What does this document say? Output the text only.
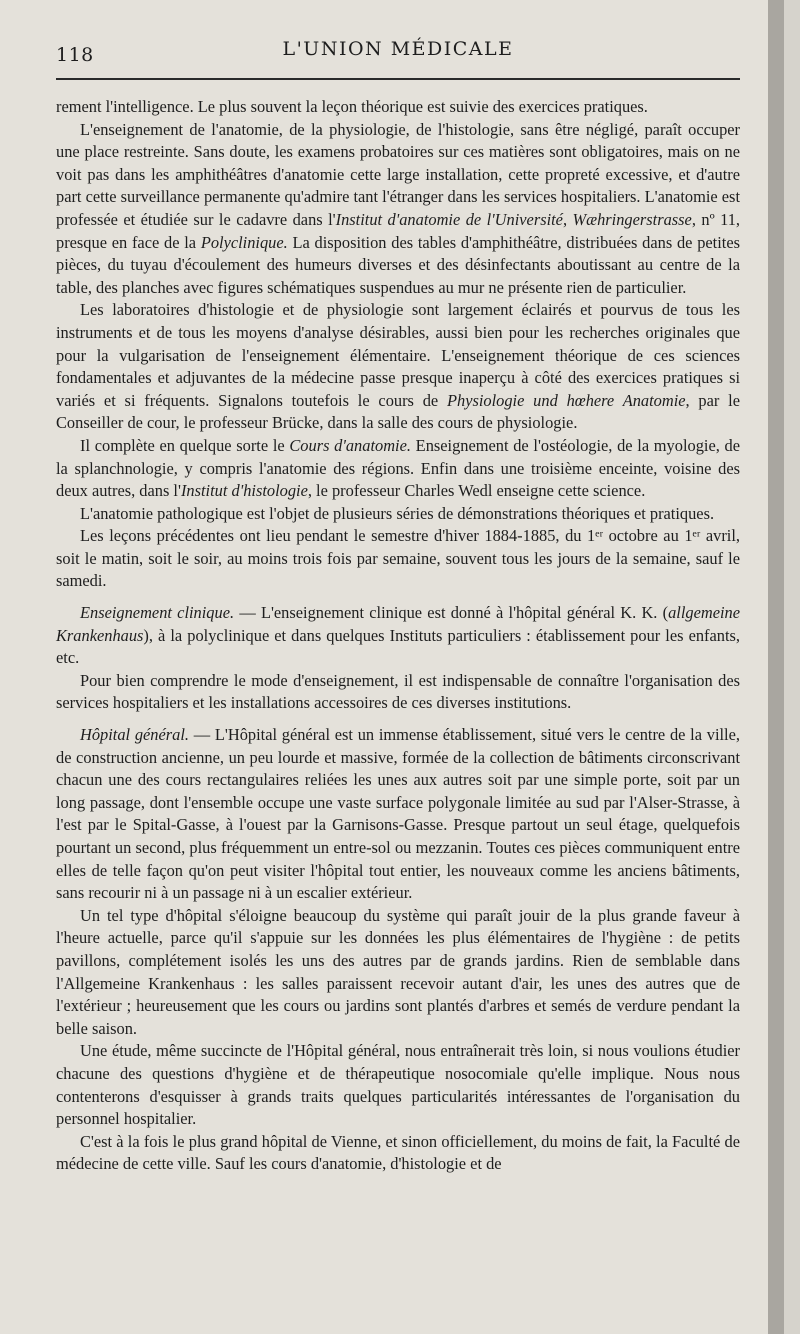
118	L'UNION MÉDICALE

rement l'intelligence. Le plus souvent la leçon théorique est suivie des exercices pratiques.

L'enseignement de l'anatomie, de la physiologie, de l'histologie, sans être négligé, paraît occuper une place restreinte. Sans doute, les examens probatoires sur ces matières sont obligatoires, mais on ne voit pas dans les amphithéâtres d'anatomie cette large installation, cette propreté excessive, et d'autre part cette surveillance permanente qu'admire tant l'étranger dans les services hospitaliers. L'anatomie est professée et étudiée sur le cadavre dans l'Institut d'anatomie de l'Université, Wæhringerstrasse, nº 11, presque en face de la Polyclinique. La disposition des tables d'amphithéâtre, distribuées dans de petites pièces, du tuyau d'écoulement des humeurs diverses et des désinfectants aboutissant au centre de la table, des planches avec figures schématiques suspendues au mur ne présente rien de particulier.

Les laboratoires d'histologie et de physiologie sont largement éclairés et pourvus de tous les instruments et de tous les moyens d'analyse désirables, aussi bien pour les recherches originales que pour la vulgarisation de l'enseignement élémentaire. L'enseignement théorique de ces sciences fondamentales et adjuvantes de la médecine passe presque inaperçu à côté des exercices pratiques si variés et si fréquents. Signalons toutefois le cours de Physiologie und hœhere Anatomie, par le Conseiller de cour, le professeur Brücke, dans la salle des cours de physiologie.

Il complète en quelque sorte le Cours d'anatomie. Enseignement de l'ostéologie, de la myologie, de la splanchnologie, y compris l'anatomie des régions. Enfin dans une troisième enceinte, voisine des deux autres, dans l'Institut d'histologie, le professeur Charles Wedl enseigne cette science.

L'anatomie pathologique est l'objet de plusieurs séries de démonstrations théoriques et pratiques.

Les leçons précédentes ont lieu pendant le semestre d'hiver 1884-1885, du 1ᵉʳ octobre au 1ᵉʳ avril, soit le matin, soit le soir, au moins trois fois par semaine, souvent tous les jours de la semaine, sauf le samedi.

Enseignement clinique. — L'enseignement clinique est donné à l'hôpital général K. K. (allgemeine Krankenhaus), à la polyclinique et dans quelques Instituts particuliers : établissement pour les enfants, etc.

Pour bien comprendre le mode d'enseignement, il est indispensable de connaître l'organisation des services hospitaliers et les installations accessoires de ces diverses institutions.

Hôpital général. — L'Hôpital général est un immense établissement, situé vers le centre de la ville, de construction ancienne, un peu lourde et massive, formée de la collection de bâtiments circonscrivant chacun une des cours rectangulaires reliées les unes aux autres soit par une simple porte, soit par un long passage, dont l'ensemble occupe une vaste surface polygonale limitée au sud par l'Alser-Strasse, à l'est par le Spital-Gasse, à l'ouest par la Garnisons-Gasse. Presque partout un seul étage, quelquefois pourtant un second, plus fréquemment un entre-sol ou mezzanin. Toutes ces pièces communiquent entre elles de telle façon qu'on peut visiter l'hôpital tout entier, les nouveaux comme les anciens bâtiments, sans recourir ni à un passage ni à un escalier extérieur.

Un tel type d'hôpital s'éloigne beaucoup du système qui paraît jouir de la plus grande faveur à l'heure actuelle, parce qu'il s'appuie sur les données les plus élémentaires de l'hygiène : de petits pavillons, complétement isolés les uns des autres par de grands jardins. Rien de semblable dans l'Allgemeine Krankenhaus : les salles paraissent recevoir autant d'air, les unes des autres que de l'extérieur ; heureusement que les cours ou jardins sont plantés d'arbres et semés de verdure pendant la belle saison.

Une étude, même succincte de l'Hôpital général, nous entraînerait très loin, si nous voulions étudier chacune des questions d'hygiène et de thérapeutique nosocomiale qu'elle implique. Nous nous contenterons d'esquisser à grands traits quelques particularités intéressantes de l'organisation du personnel hospitalier.

C'est à la fois le plus grand hôpital de Vienne, et sinon officiellement, du moins de fait, la Faculté de médecine de cette ville. Sauf les cours d'anatomie, d'histologie et de
